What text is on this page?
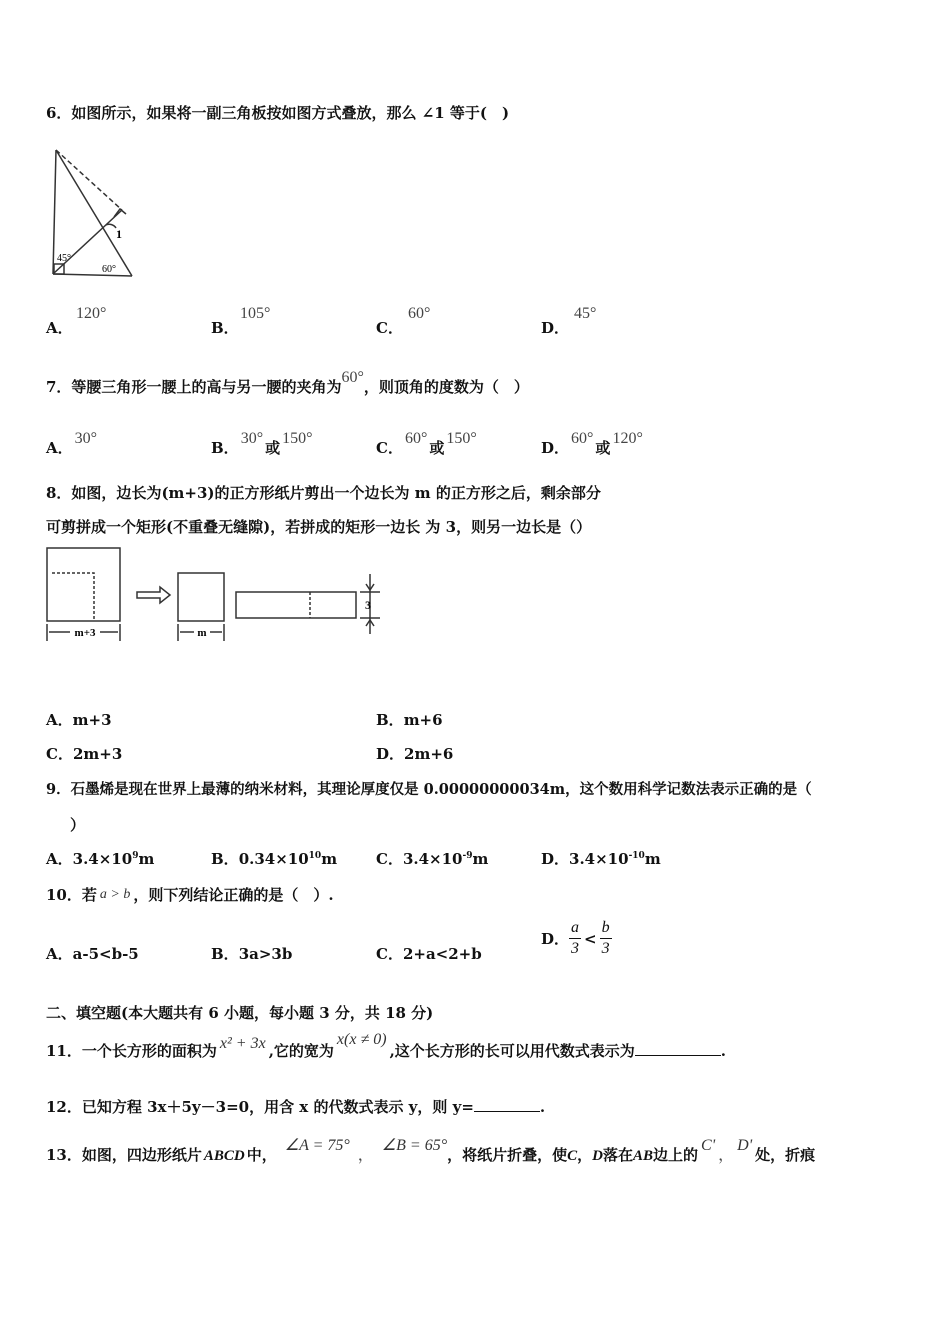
6．如图所示，如果将一副三角板按如图方式叠放，那么 ∠1 等于(　)
1
45°
60°
A．
120°
B．
105°
C．
60°
D．
45°
7．等腰三角形一腰上的高与另一腰的夹角为60°，则顶角的度数为（　）
A．30°
B．30°或150°
C．60°或150°
D．60°或120°
8．如图，边长为(m+3)的正方形纸片剪出一个边长为 m 的正方形之后，剩余部分
可剪拼成一个矩形(不重叠无缝隙)，若拼成的矩形一边长 为 3，则另一边长是（）
m+3	m
3
A．m+3	B．m+6
C．2m+3	D．2m+6
9．石墨烯是现在世界上最薄的纳米材料，其理论厚度仅是 0.00000000034m，这个数用科学记数法表示正确的是（
）
A．$3.4\times 10^9m$	B．$0.34\times 10^{10}m$	C．$3.4\times 10^{-9}m$	D．$3.4\times 10^{-10}m$
10．若 a > b ，则下列结论正确的是（　）.
A．a-5<b-5	B．3a>3b	C．2+a<2+b
D． $\frac{a}{3} < \frac{b}{3}$
二、填空题(本大题共有 6 小题，每小题 3 分，共 18 分)
11．一个长方形的面积为 x² + 3x ,它的宽为x(x ≠ 0),这个长方形的长可以用代数式表示为	.
12．已知方程 3x＋5y－3=0，用含 x 的代数式表示 y，则 y=	.
13．如图，四边形纸片 ABCD 中，∠A = 75°，∠B = 65°，将纸片折叠，使C，D落在AB边上的C'，D'处，折痕
